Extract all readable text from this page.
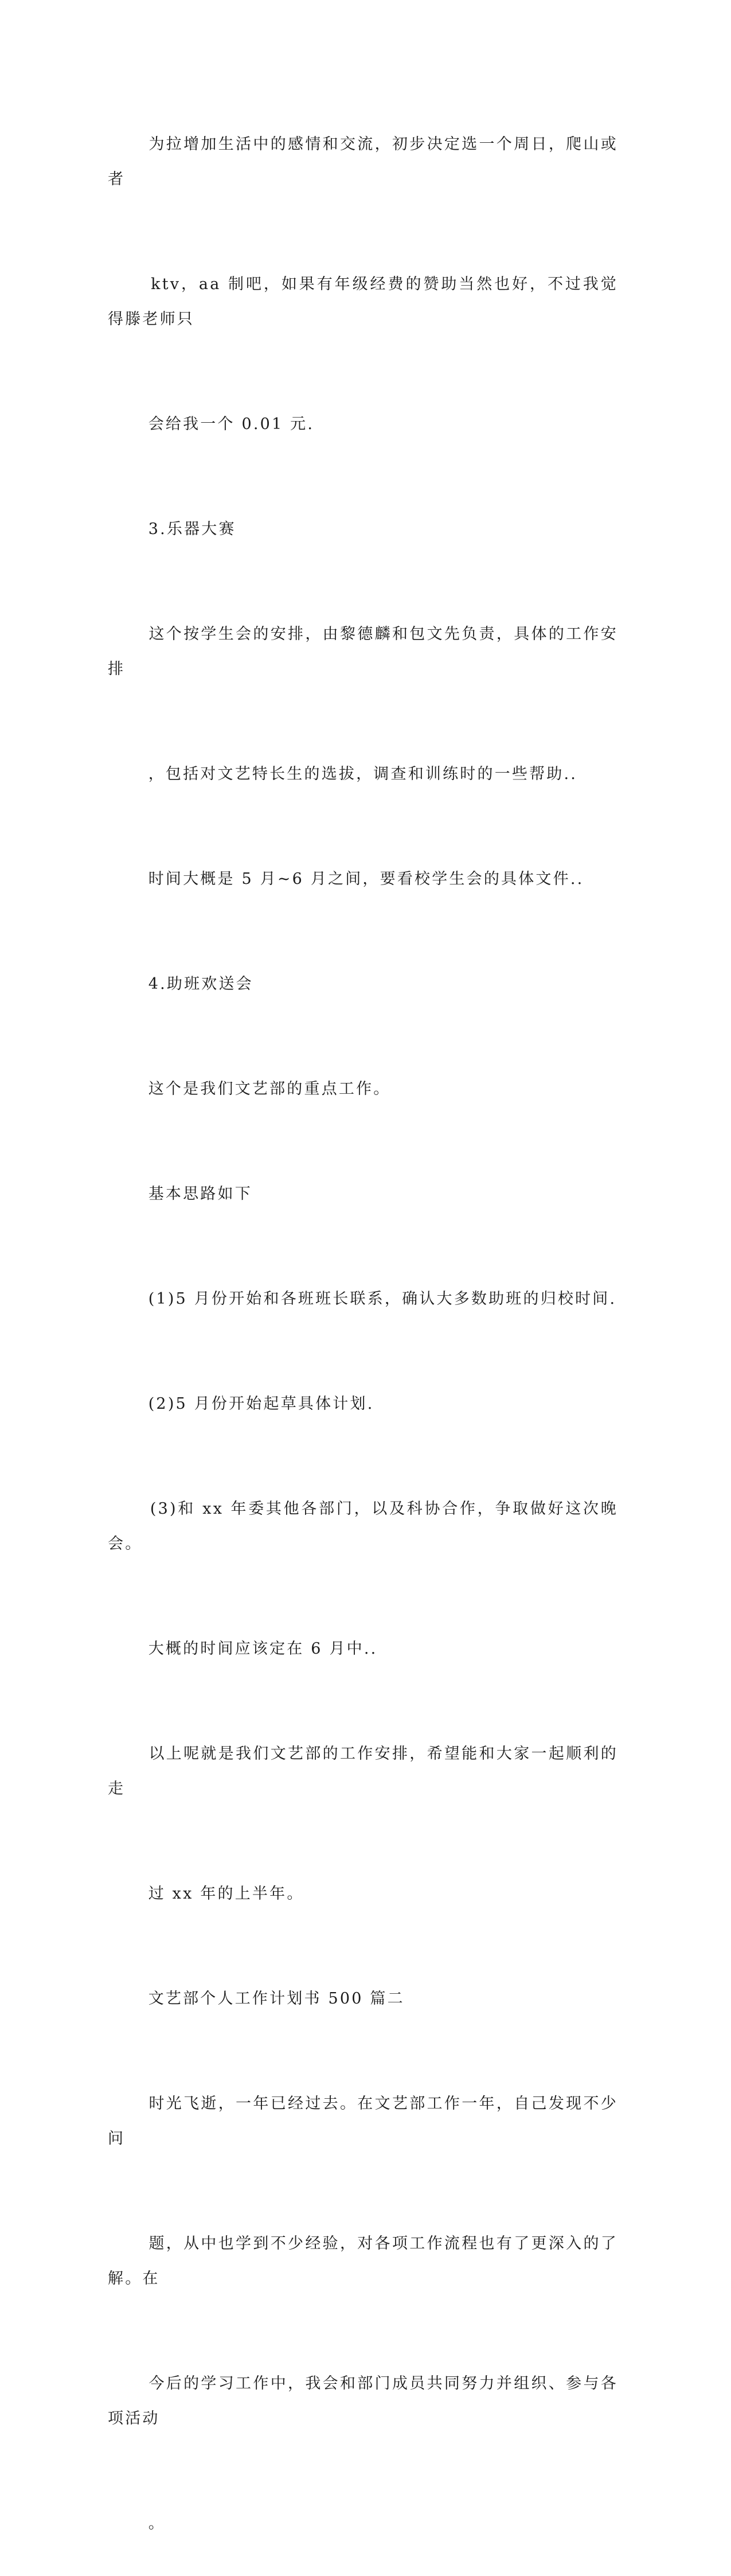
为拉增加生活中的感情和交流，初步决定选一个周日，爬山或者

ktv，aa 制吧，如果有年级经费的赞助当然也好，不过我觉得滕老师只

会给我一个 0.01 元.

3.乐器大赛

这个按学生会的安排，由黎德麟和包文先负责，具体的工作安排

，包括对文艺特长生的选拔，调查和训练时的一些帮助..

时间大概是 5 月~6 月之间，要看校学生会的具体文件..

4.助班欢送会

这个是我们文艺部的重点工作。

基本思路如下

(1)5 月份开始和各班班长联系，确认大多数助班的归校时间.

(2)5 月份开始起草具体计划.

(3)和 xx 年委其他各部门，以及科协合作，争取做好这次晚会。

大概的时间应该定在 6 月中..

以上呢就是我们文艺部的工作安排，希望能和大家一起顺利的走

过 xx 年的上半年。

文艺部个人工作计划书 500 篇二

时光飞逝，一年已经过去。在文艺部工作一年，自己发现不少问

题，从中也学到不少经验，对各项工作流程也有了更深入的了解。在

今后的学习工作中，我会和部门成员共同努力并组织、参与各项活动

。
